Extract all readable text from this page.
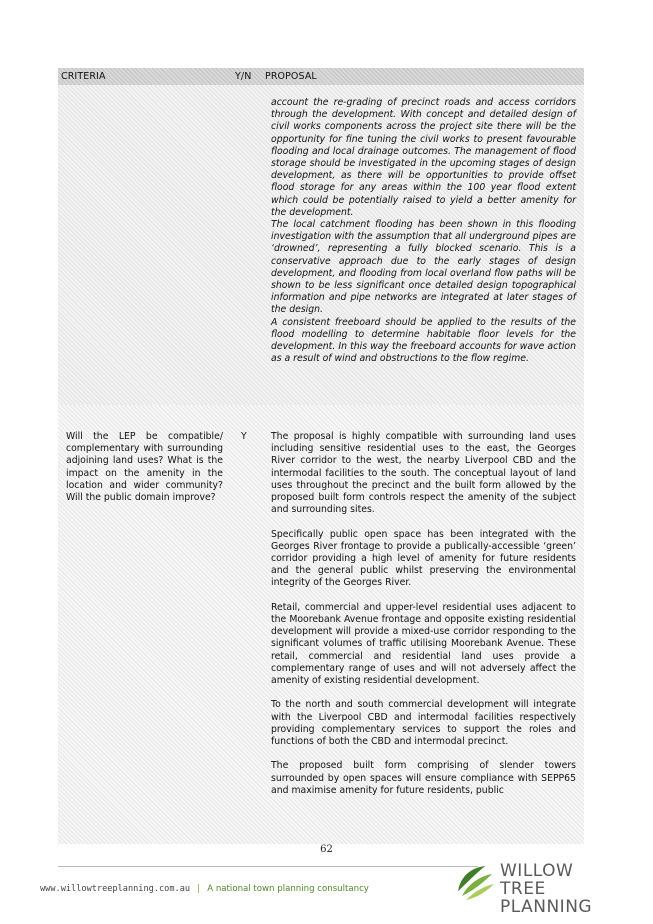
CRITERIA	Y/N PROPOSAL

account the re-grading of precinct roads and access corridors through the development. With concept and detailed design of civil works components across the project site there will be the opportunity for fine tuning the civil works to present favourable flooding and local drainage outcomes. The management of flood storage should be investigated in the upcoming stages of design development, as there will be opportunities to provide offset flood storage for any areas within the 100 year flood extent which could be potentially raised to yield a better amenity for the development.

The local catchment flooding has been shown in this flooding investigation with the assumption that all underground pipes are ‘drowned’, representing a fully blocked scenario. This is a conservative approach due to the early stages of design development, and flooding from local overland flow paths will be shown to be less significant once detailed design topographical information and pipe networks are integrated at later stages of the design.

A consistent freeboard should be applied to the results of the flood modelling to determine habitable floor levels for the development. In this way the freeboard accounts for wave action as a result of wind and obstructions to the flow regime.

Will the LEP be compatible/ complementary with surrounding adjoining land uses? What is the impact on the amenity in the location and wider community? Will the public domain improve?
Y	The proposal is highly compatible with surrounding land uses including sensitive residential uses to the east, the Georges River corridor to the west, the nearby Liverpool CBD and the intermodal facilities to the south. The conceptual layout of land uses throughout the precinct and the built form allowed by the proposed built form controls respect the amenity of the subject and surrounding sites.

Specifically public open space has been integrated with the Georges River frontage to provide a publically-accessible ‘green’ corridor providing a high level of amenity for future residents and the general public whilst preserving the environmental integrity of the Georges River.

Retail, commercial and upper-level residential uses adjacent to the Moorebank Avenue frontage and opposite existing residential development will provide a mixed-use corridor responding to the significant volumes of traffic utilising Moorebank Avenue. These retail, commercial and residential land uses provide a complementary range of uses and will not adversely affect the amenity of existing residential development.

To the north and south commercial development will integrate with the Liverpool CBD and intermodal facilities respectively providing complementary services to support the roles and functions of both the CBD and intermodal precinct.

The proposed built form comprising of slender towers surrounded by open spaces will ensure compliance with SEPP65 and maximise amenity for future residents, public

62
www.willowtreeplanning.com.au | A national town planning consultancy
WILLOW TREE
PLANNING
